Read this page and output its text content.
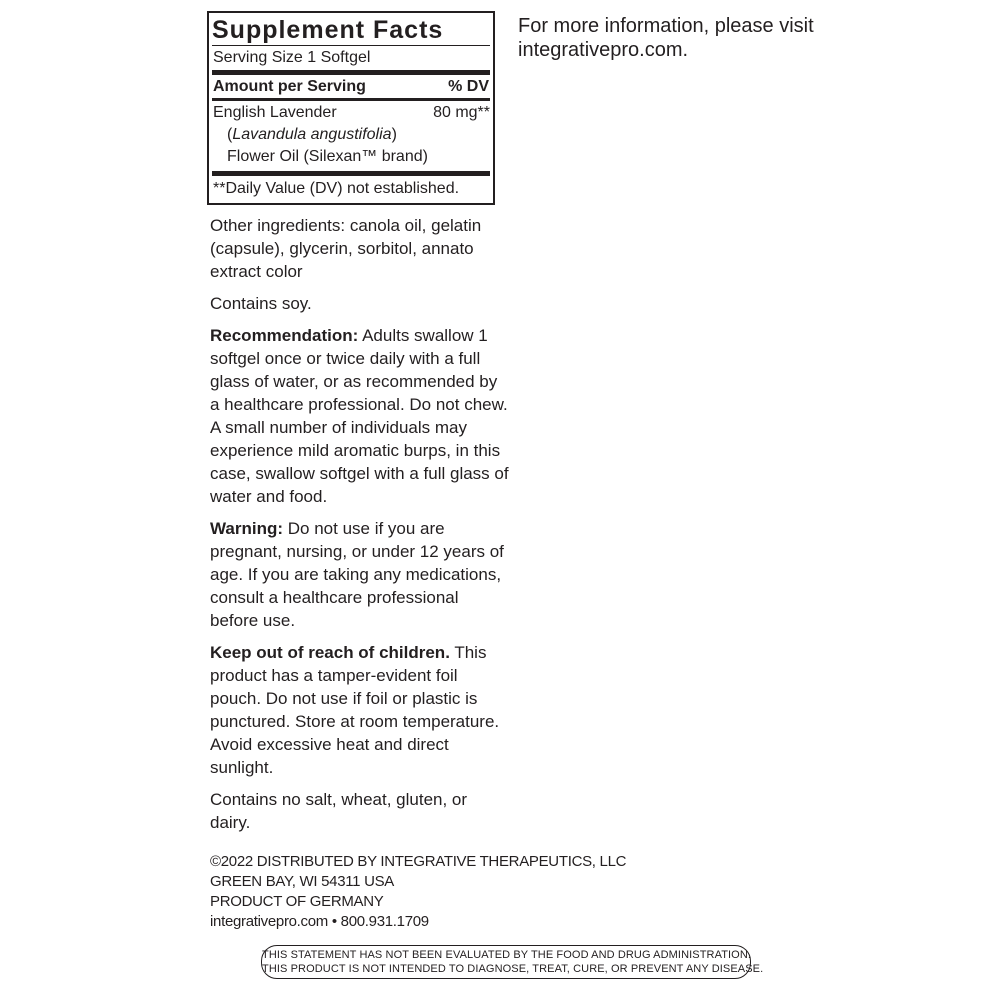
Supplement Facts
Serving Size 1 Softgel
Amount per Serving	% DV
English Lavender
(Lavandula angustifolia)
Flower Oil (Silexan™ brand)
80 mg**
**Daily Value (DV) not established.

Other ingredients: canola oil, gelatin (capsule), glycerin, sorbitol, annato extract color

Contains soy.

Recommendation: Adults swallow 1 softgel once or twice daily with a full glass of water, or as recommended by a healthcare professional. Do not chew. A small number of individuals may experience mild aromatic burps, in this case, swallow softgel with a full glass of water and food.

Warning: Do not use if you are pregnant, nursing, or under 12 years of age. If you are taking any medications, consult a healthcare professional before use.

Keep out of reach of children. This product has a tamper-evident foil pouch. Do not use if foil or plastic is punctured. Store at room temperature. Avoid excessive heat and direct sunlight.

Contains no salt, wheat, gluten, or dairy.

©2022 DISTRIBUTED BY INTEGRATIVE THERAPEUTICS, LLC
GREEN BAY, WI 54311 USA
PRODUCT OF GERMANY
integrativepro.com • 800.931.1709
For more information, please visit integrativepro.com.
THIS STATEMENT HAS NOT BEEN EVALUATED BY THE FOOD AND DRUG ADMINISTRATION.
THIS PRODUCT IS NOT INTENDED TO DIAGNOSE, TREAT, CURE, OR PREVENT ANY DISEASE.
